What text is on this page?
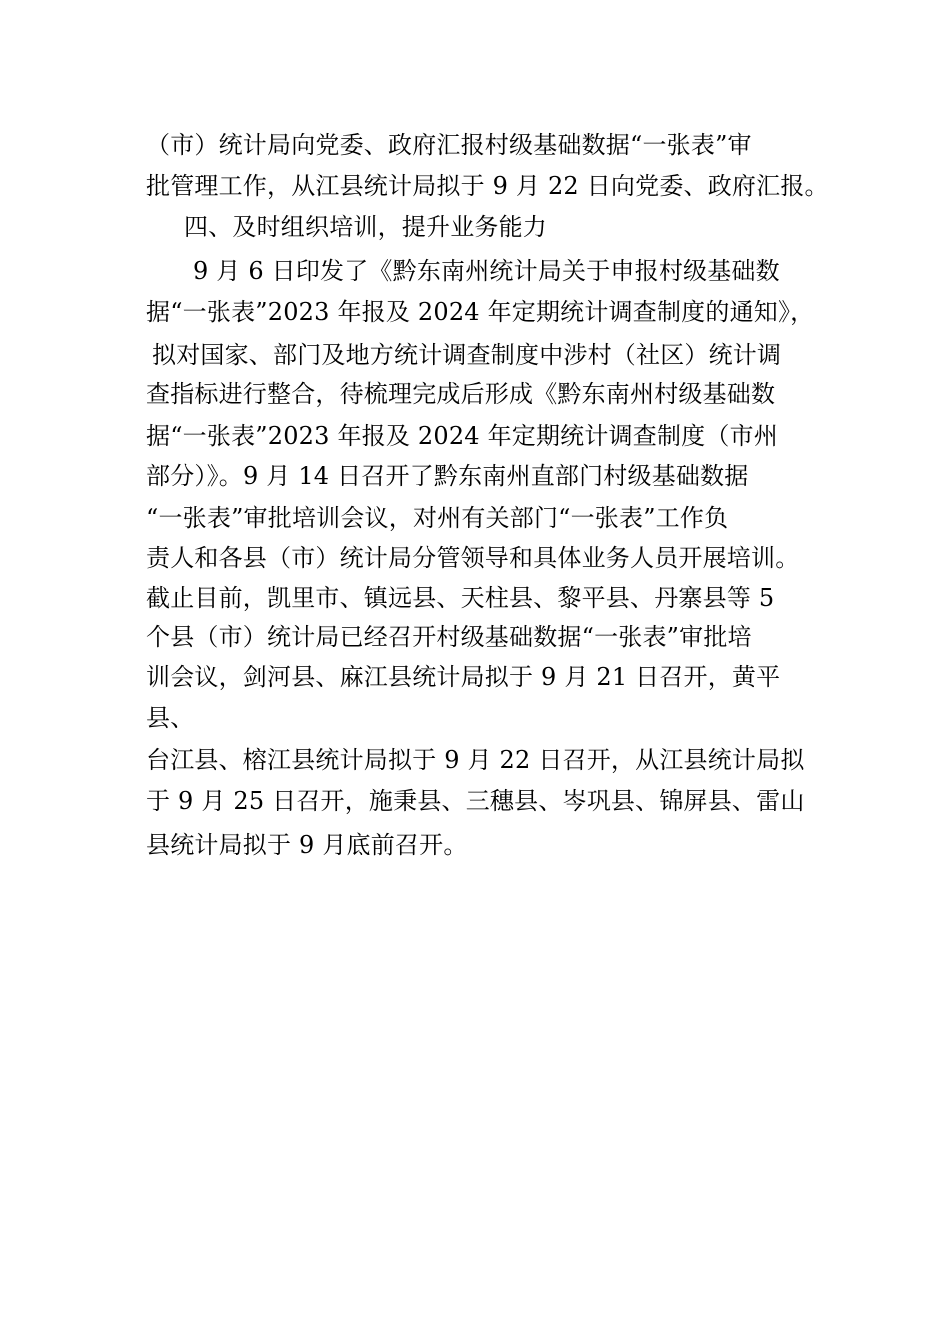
（市）统计局向党委、政府汇报村级基础数据“一张表”审
批管理工作，从江县统计局拟于 9 月 22 日向党委、政府汇报。
四、及时组织培训，提升业务能力
9 月 6 日印发了《黔东南州统计局关于申报村级基础数
据“一张表”2023 年报及 2024 年定期统计调查制度的通知》，
拟对国家、部门及地方统计调查制度中涉村（社区）统计调
查指标进行整合，待梳理完成后形成《黔东南州村级基础数
据“一张表”2023 年报及 2024 年定期统计调查制度（市州
部分）》。9 月 14 日召开了黔东南州直部门村级基础数据
“一张表”审批培训会议，对州有关部门“一张表”工作负
责人和各县（市）统计局分管领导和具体业务人员开展培训。
截止目前，凯里市、镇远县、天柱县、黎平县、丹寨县等 5
个县（市）统计局已经召开村级基础数据“一张表”审批培
训会议，剑河县、麻江县统计局拟于 9 月 21 日召开，黄平
县、
台江县、榕江县统计局拟于 9 月 22 日召开，从江县统计局拟
于 9 月 25 日召开，施秉县、三穗县、岑巩县、锦屏县、雷山
县统计局拟于 9 月底前召开。
